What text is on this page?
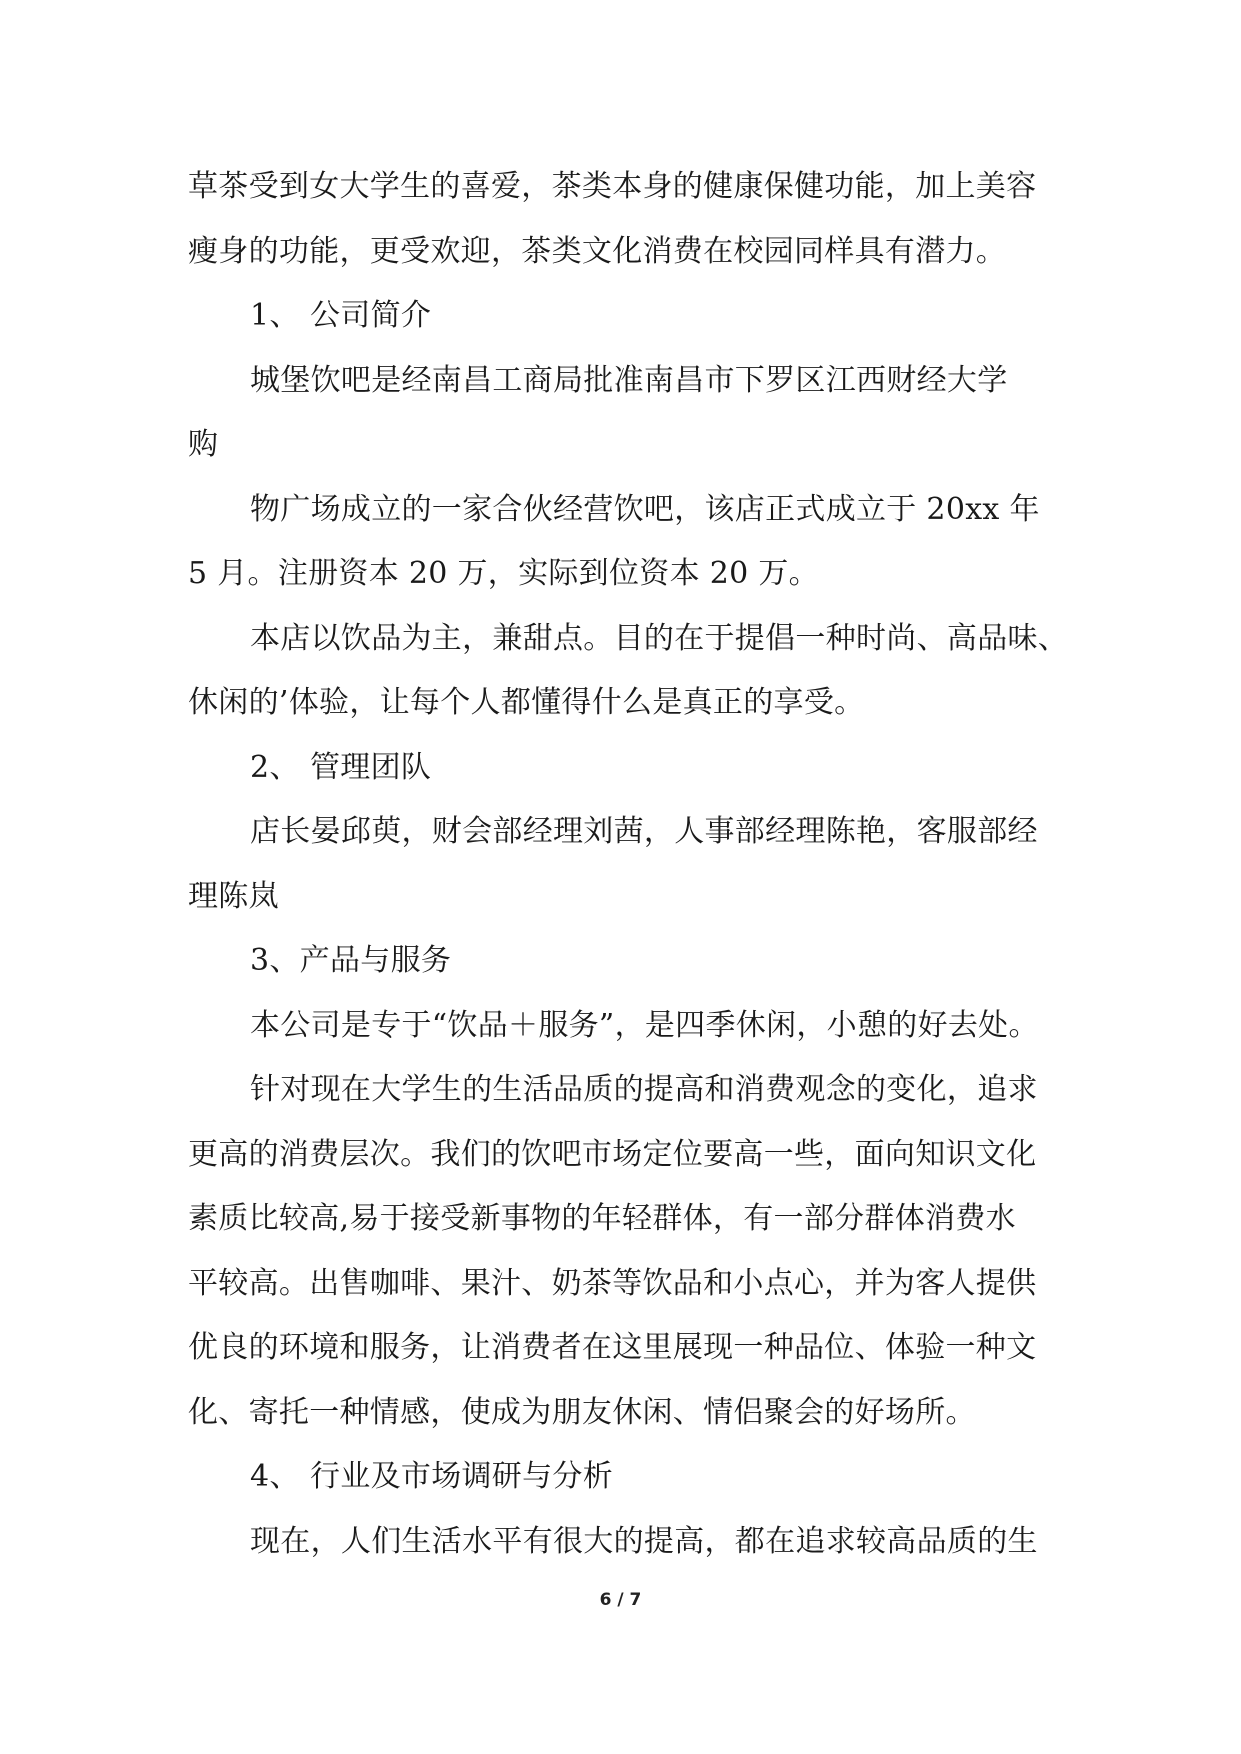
草茶受到女大学生的喜爱，茶类本身的健康保健功能，加上美容
瘦身的功能，更受欢迎，茶类文化消费在校园同样具有潜力。
1、 公司简介
城堡饮吧是经南昌工商局批准南昌市下罗区江西财经大学
购
物广场成立的一家合伙经营饮吧，该店正式成立于 20xx 年
5 月。注册资本 20 万，实际到位资本 20 万。
本店以饮品为主，兼甜点。目的在于提倡一种时尚、高品味、
休闲的’体验，让每个人都懂得什么是真正的享受。
2、 管理团队
店长晏邱萸，财会部经理刘茜，人事部经理陈艳，客服部经
理陈岚
3、产品与服务
本公司是专于“饮品＋服务”，是四季休闲，小憩的好去处。
针对现在大学生的生活品质的提高和消费观念的变化，追求
更高的消费层次。我们的饮吧市场定位要高一些，面向知识文化
素质比较高,易于接受新事物的年轻群体，有一部分群体消费水
平较高。出售咖啡、果汁、奶茶等饮品和小点心，并为客人提供
优良的环境和服务，让消费者在这里展现一种品位、体验一种文
化、寄托一种情感，使成为朋友休闲、情侣聚会的好场所。
4、 行业及市场调研与分析
现在，人们生活水平有很大的提高，都在追求较高品质的生
6 / 7
